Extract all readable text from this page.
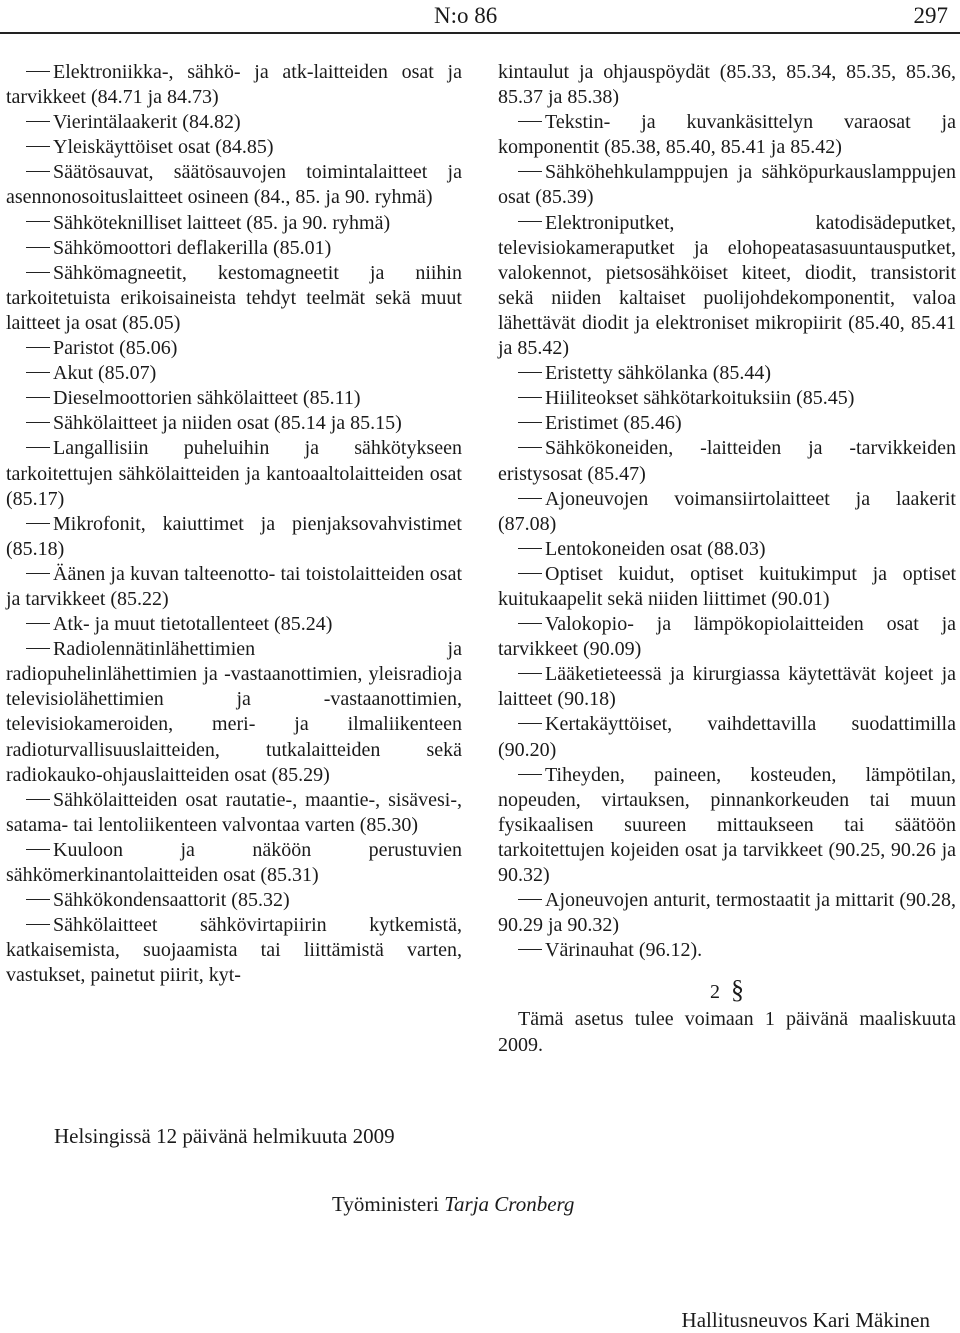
N:o 86	297

Elektroniikka-, sähkö- ja atk-laitteiden osat ja tarvikkeet (84.71 ja 84.73)

Vierintälaakerit (84.82)

Yleiskäyttöiset osat (84.85)

Säätösauvat, säätösauvojen toimintalaitteet ja asennonosoituslaitteet osineen (84., 85. ja 90. ryhmä)

Sähköteknilliset laitteet (85. ja 90. ryhmä)

Sähkömoottori deflakerilla (85.01)

Sähkömagneetit, kestomagneetit ja niihin tarkoitetuista erikoisaineista tehdyt teelmät sekä muut laitteet ja osat (85.05)

Paristot (85.06)

Akut (85.07)

Dieselmoottorien sähkölaitteet (85.11)

Sähkölaitteet ja niiden osat (85.14 ja 85.15)

Langallisiin puheluihin ja sähkötykseen tarkoitettujen sähkölaitteiden ja kantoaaltolaitteiden osat (85.17)

Mikrofonit, kaiuttimet ja pienjaksovahvistimet (85.18)

Äänen ja kuvan talteenotto- tai toistolaitteiden osat ja tarvikkeet (85.22)

Atk- ja muut tietotallenteet (85.24)

Radiolennätinlähettimien ja radiopuhelinlähettimien ja -vastaanottimien, yleisradioja televisiolähettimien ja -vastaanottimien, televisiokameroiden, meri- ja ilmaliikenteen radioturvallisuuslaitteiden, tutkalaitteiden sekä radiokauko-ohjauslaitteiden osat (85.29)

Sähkölaitteiden osat rautatie-, maantie-, sisävesi-, satama- tai lentoliikenteen valvontaa varten (85.30)

Kuuloon ja näköön perustuvien sähkömerkinantolaitteiden osat (85.31)

Sähkökondensaattorit (85.32)

Sähkölaitteet sähkövirtapiirin kytkemistä, katkaisemista, suojaamista tai liittämistä varten, vastukset, painetut piirit, kyt-

kintaulut ja ohjauspöydät (85.33, 85.34, 85.35, 85.36, 85.37 ja 85.38)

Tekstin- ja kuvankäsittelyn varaosat ja komponentit (85.38, 85.40, 85.41 ja 85.42)

Sähköhehkulamppujen ja sähköpurkauslamppujen osat (85.39)

Elektroniputket, katodisädeputket, televisiokameraputket ja elohopeatasasuuntausputket, valokennot, pietsosähköiset kiteet, diodit, transistorit sekä niiden kaltaiset puolijohdekomponentit, valoa lähettävät diodit ja elektroniset mikropiirit (85.40, 85.41 ja 85.42)

Eristetty sähkölanka (85.44)

Hiiliteokset sähkötarkoituksiin (85.45)

Eristimet (85.46)

Sähkökoneiden, -laitteiden ja -tarvikkeiden eristysosat (85.47)

Ajoneuvojen voimansiirtolaitteet ja laakerit (87.08)

Lentokoneiden osat (88.03)

Optiset kuidut, optiset kuitukimput ja optiset kuitukaapelit sekä niiden liittimet (90.01)

Valokopio- ja lämpökopiolaitteiden osat ja tarvikkeet (90.09)

Lääketieteessä ja kirurgiassa käytettävät kojeet ja laitteet (90.18)

Kertakäyttöiset, vaihdettavilla suodattimilla (90.20)

Tiheyden, paineen, kosteuden, lämpötilan, nopeuden, virtauksen, pinnankorkeuden tai muun fysikaalisen suureen mittaukseen tai säätöön tarkoitettujen kojeiden osat ja tarvikkeet (90.25, 90.26 ja 90.32)

Ajoneuvojen anturit, termostaatit ja mittarit (90.28, 90.29 ja 90.32)

Värinauhat (96.12).

2 §

Tämä asetus tulee voimaan 1 päivänä maaliskuuta 2009.

Helsingissä 12 päivänä helmikuuta 2009
Työministeri Tarja Cronberg
Hallitusneuvos Kari Mäkinen
